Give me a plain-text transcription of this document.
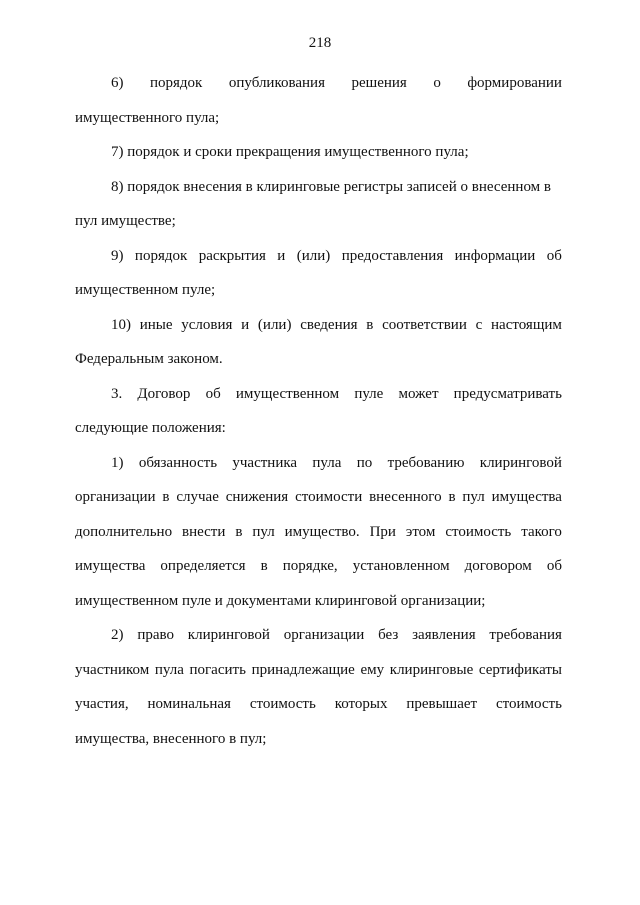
218
6) порядок опубликования решения о формировании
имущественного пула;

7) порядок и сроки прекращения имущественного пула;

8) порядок внесения в клиринговые регистры записей о внесенном в
пул имуществе;
9) порядок раскрытия и (или) предоставления информации об
имущественном пуле;
10) иные условия и (или) сведения в соответствии с настоящим
Федеральным законом.
3. Договор об имущественном пуле может предусматривать
следующие положения:
1) обязанность участника пула по требованию клиринговой
организации в случае снижения стоимости внесенного в пул имущества
дополнительно внести в пул имущество. При этом стоимость такого
имущества определяется в порядке, установленном договором об
имущественном пуле и документами клиринговой организации;
2) право клиринговой организации без заявления требования
участником пула погасить принадлежащие ему клиринговые сертификаты
участия, номинальная стоимость которых превышает стоимость
имущества, внесенного в пул;
